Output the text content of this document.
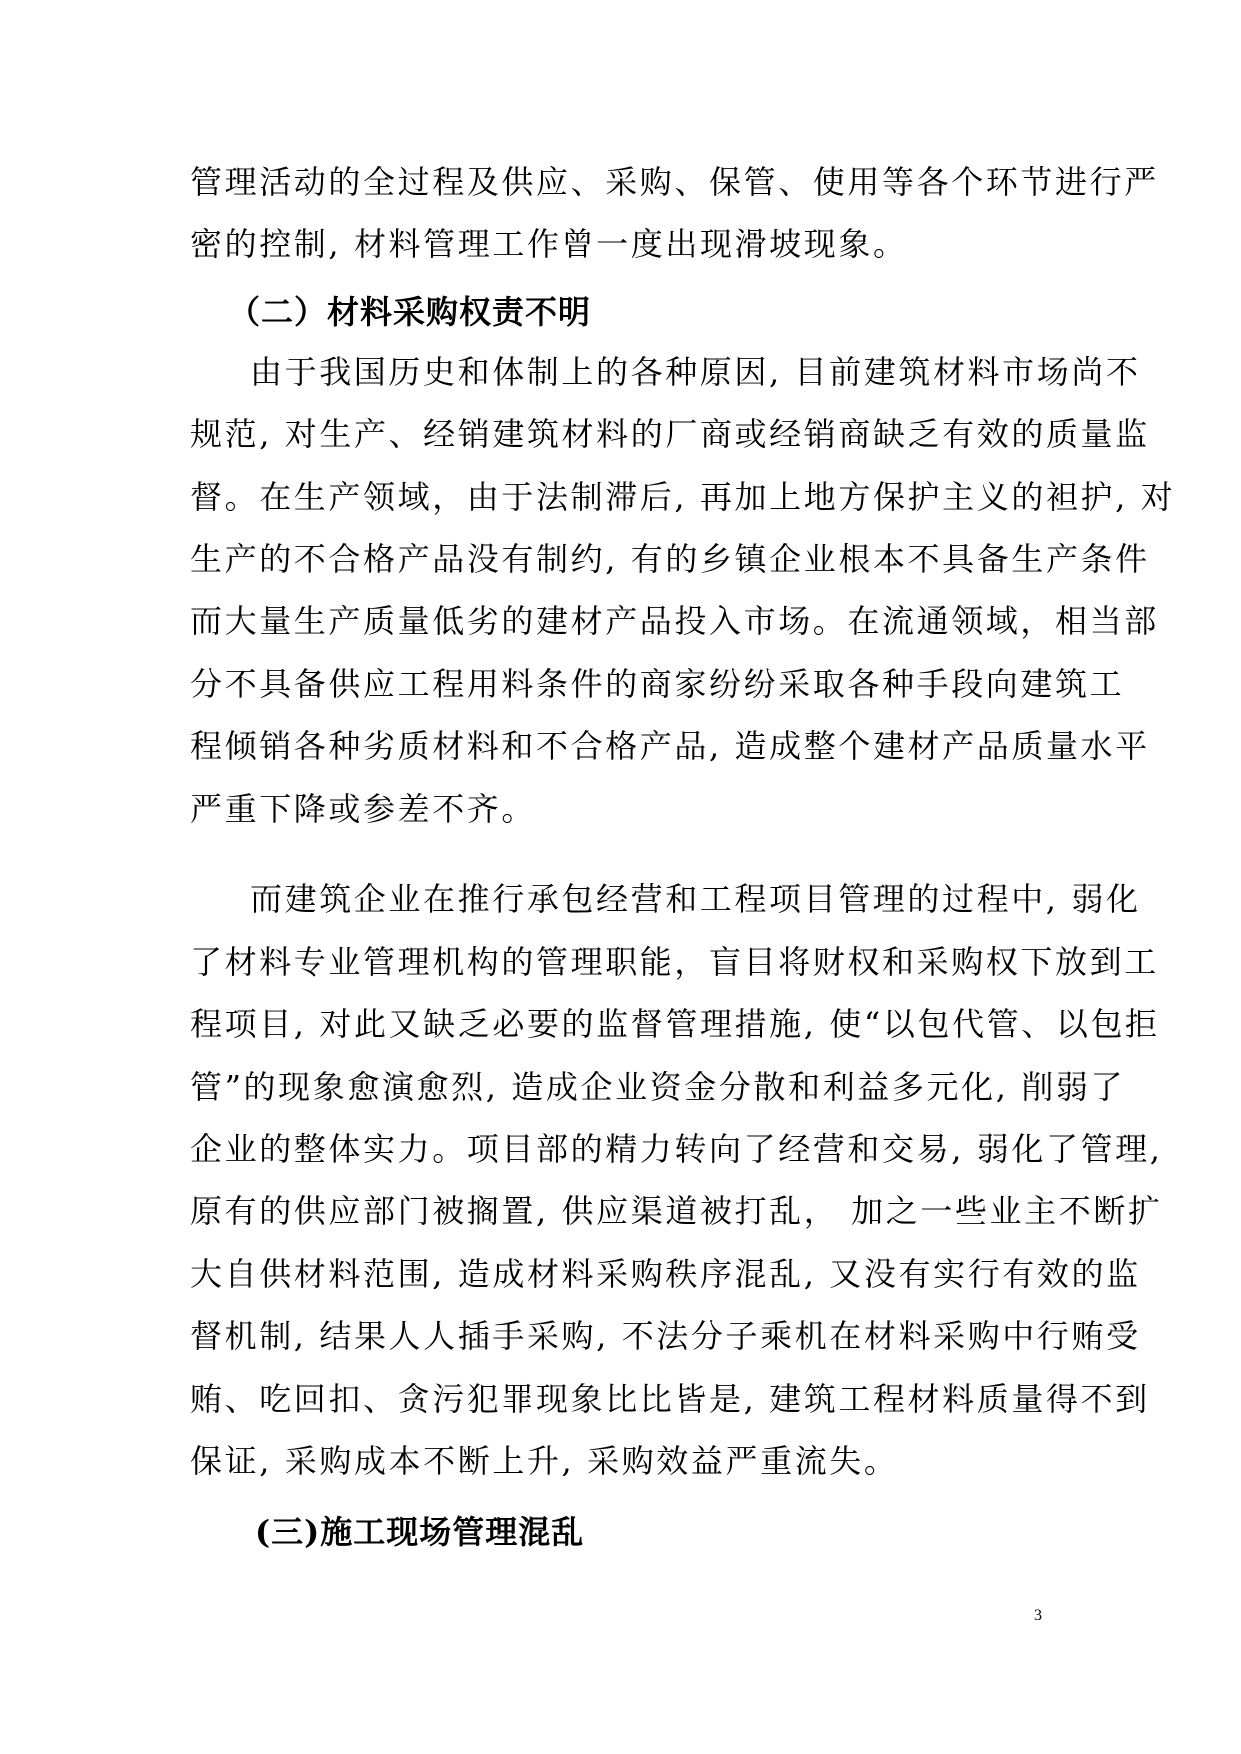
管理活动的全过程及供应、采购、保管、使用等各个环节进行严
密的控制, 材料管理工作曾一度出现滑坡现象。
（二）材料采购权责不明
由于我国历史和体制上的各种原因, 目前建筑材料市场尚不
规范, 对生产、经销建筑材料的厂商或经销商缺乏有效的质量监
督。在生产领域，由于法制滞后, 再加上地方保护主义的袒护, 对
生产的不合格产品没有制约, 有的乡镇企业根本不具备生产条件
而大量生产质量低劣的建材产品投入市场。在流通领域，相当部
分不具备供应工程用料条件的商家纷纷采取各种手段向建筑工
程倾销各种劣质材料和不合格产品, 造成整个建材产品质量水平
严重下降或参差不齐。
而建筑企业在推行承包经营和工程项目管理的过程中, 弱化
了材料专业管理机构的管理职能，盲目将财权和采购权下放到工
程项目, 对此又缺乏必要的监督管理措施, 使“以包代管、以包拒
管”的现象愈演愈烈, 造成企业资金分散和利益多元化, 削弱了
企业的整体实力。项目部的精力转向了经营和交易, 弱化了管理,
原有的供应部门被搁置, 供应渠道被打乱， 加之一些业主不断扩
大自供材料范围, 造成材料采购秩序混乱, 又没有实行有效的监
督机制, 结果人人插手采购, 不法分子乘机在材料采购中行贿受
贿、吃回扣、贪污犯罪现象比比皆是, 建筑工程材料质量得不到
保证, 采购成本不断上升, 采购效益严重流失。
(三)施工现场管理混乱
3
